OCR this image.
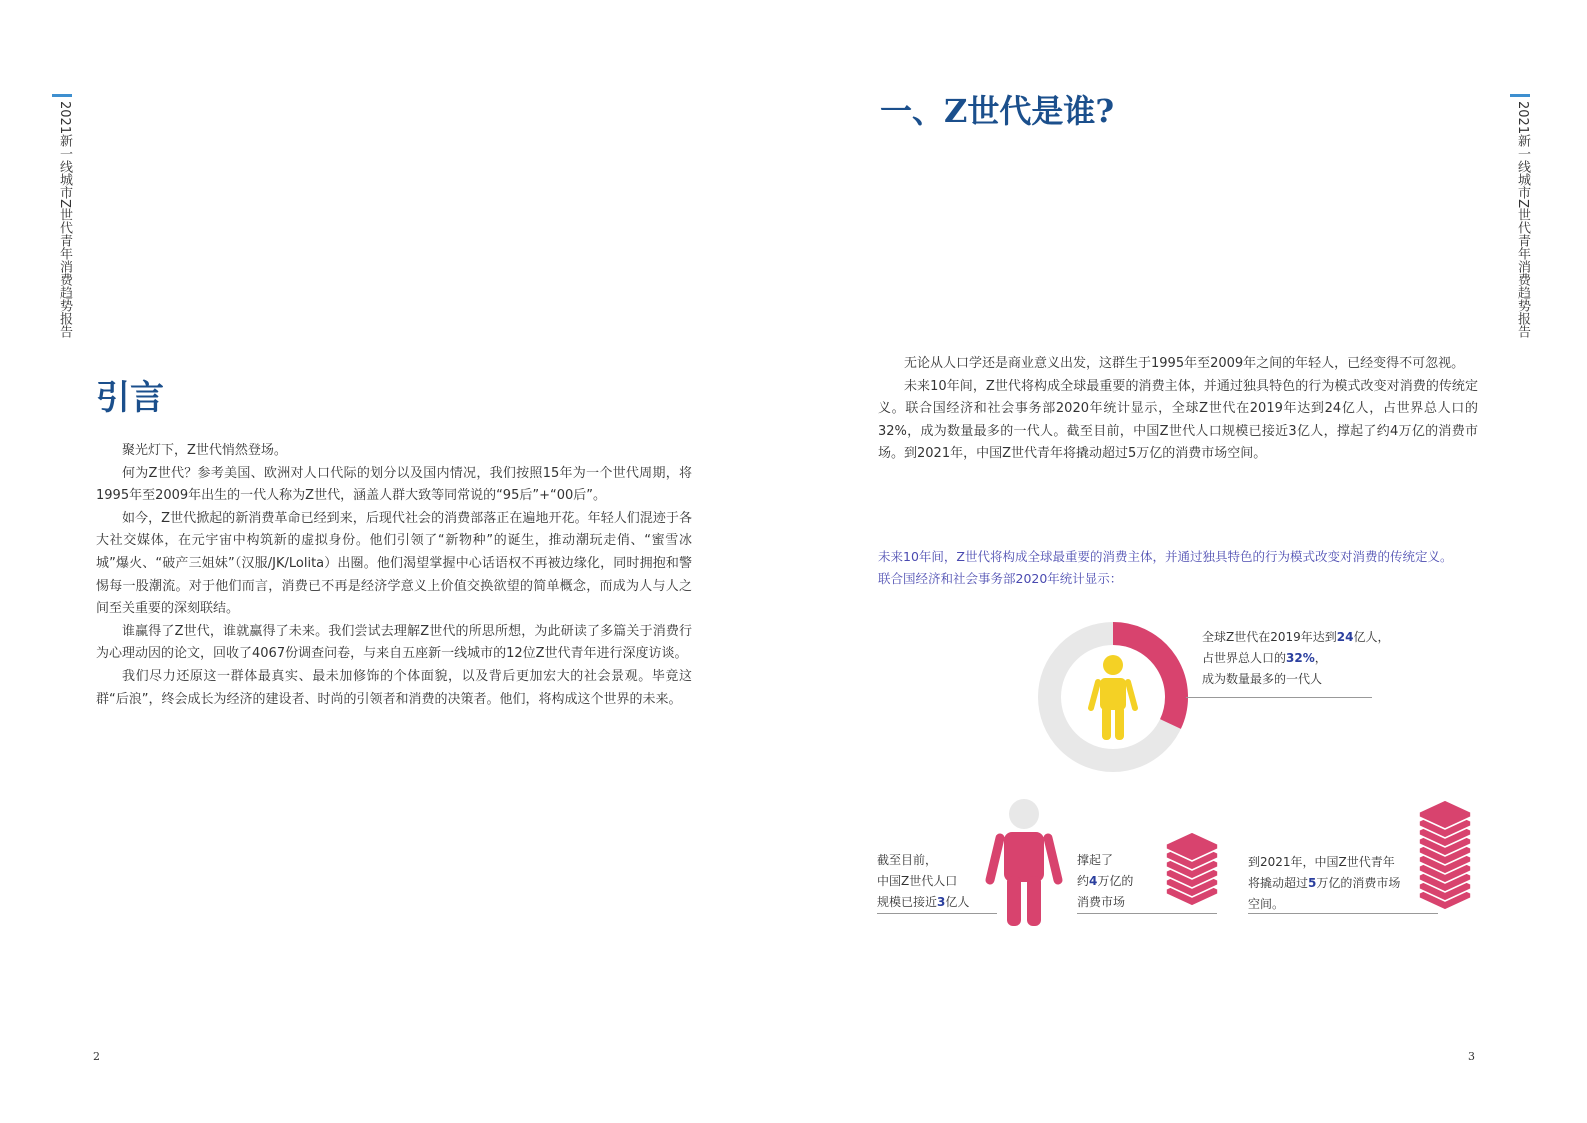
2021新一线城市Z世代青年消费趋势报告	2021新一线城市Z世代青年消费趋势报告
引言

聚光灯下，Z世代悄然登场。

何为Z世代？参考美国、欧洲对人口代际的划分以及国内情况，我们按照15年为一个世代周期，将1995年至2009年出生的一代人称为Z世代，涵盖人群大致等同常说的“95后”+“00后”。

如今，Z世代掀起的新消费革命已经到来，后现代社会的消费部落正在遍地开花。年轻人们混迹于各大社交媒体，在元宇宙中构筑新的虚拟身份。他们引领了“新物种”的诞生，推动潮玩走俏、“蜜雪冰城”爆火、“破产三姐妹”（汉服/JK/Lolita）出圈。他们渴望掌握中心话语权不再被边缘化，同时拥抱和警惕每一股潮流。对于他们而言，消费已不再是经济学意义上价值交换欲望的简单概念，而成为人与人之间至关重要的深刻联结。

谁赢得了Z世代，谁就赢得了未来。我们尝试去理解Z世代的所思所想，为此研读了多篇关于消费行为心理动因的论文，回收了4067份调查问卷，与来自五座新一线城市的12位Z世代青年进行深度访谈。

我们尽力还原这一群体最真实、最未加修饰的个体面貌，以及背后更加宏大的社会景观。毕竟这群“后浪”，终会成长为经济的建设者、时尚的引领者和消费的决策者。他们，将构成这个世界的未来。

2
一、Z世代是谁?

无论从人口学还是商业意义出发，这群生于1995年至2009年之间的年轻人，已经变得不可忽视。

未来10年间，Z世代将构成全球最重要的消费主体，并通过独具特色的行为模式改变对消费的传统定义。联合国经济和社会事务部2020年统计显示，全球Z世代在2019年达到24亿人，占世界总人口的32%，成为数量最多的一代人。截至目前，中国Z世代人口规模已接近3亿人，撑起了约4万亿的消费市场。到2021年，中国Z世代青年将撬动超过5万亿的消费市场空间。

未来10年间，Z世代将构成全球最重要的消费主体，并通过独具特色的行为模式改变对消费的传统定义。
联合国经济和社会事务部2020年统计显示：
全球Z世代在2019年达到24亿人，
占世界总人口的32%，
成为数量最多的一代人
截至目前，
中国Z世代人口
规模已接近3亿人
撑起了
约4万亿的
消费市场
到2021年，中国Z世代青年
将撬动超过5万亿的消费市场
空间。
3
